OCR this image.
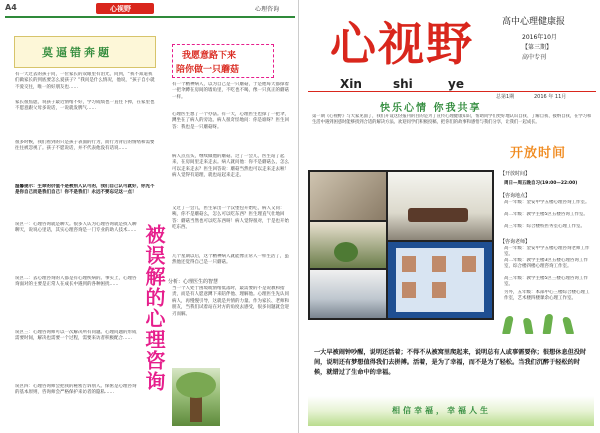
A4	心视野	心理咨询
莫逼错奔题
有一天过去的孩子问，一位家长的双眼里有泪光，问到，“我不知道我们做家长的到底要怎么爱孩子？”我问是什么情况，他说，“孩子自小就不爱交往，唯一的好朋友也……
家长很焦虑，说孩子最近情绪不好，学习成绩也一直往下掉，在家里也不愿意跟父母多说话，一说就发脾气……
很多时候，我们看到的只是孩子表面的行为，而行为背后的情绪和需要往往被忽视了。孩子不愿说话，并不代表他没有话说……
温馨提示：生命的价值不是被别人认可的，我们自己认可就好，你先不是你自己而是我们自己！你不是我们！永远不要忘记这一点！
被误解的心理咨询
误区一：心理咨询就是聊天。很多人认为心理咨询就是找人聊聊天，说说心里话，其实心理咨询是一门专业的助人技术……
误区二：去心理咨询的人都是有心理疾病的。事实上，心理咨询面对的主要是正常人在成长中遇到的各种困扰……
误区三：心理咨询师可以一次解决所有问题。心理问题的形成需要时间，解决也需要一个过程，需要来访者积极配合……
误区四：心理咨询师会把我的秘密告诉别人。保密是心理咨询的基本原则，咨询师会严格保护来访者的隐私……
我愿意路下来
陪你做一只蘑菇
有一个精神病人，以为自己是一只蘑菇，于是他每天都撑着一把伞蹲在房间的墙角里，不吃也不喝，像一只真正的蘑菇一样。
心理医生想了一个办法。有一天，心理医生也撑了一把伞，蹲坐在了病人的旁边。病人很奇怪地问：你是谁呀？医生回答：我也是一只蘑菇呀。
病人点点头，继续做他的蘑菇。过了一会儿，医生站了起来，在房间里走来走去。病人就问他：你不是蘑菇么，怎么可以走来走去？医生回答说：蘑菇当然也可以走来走去啦！病人觉得有道理，就也站起来走走。
又过了一会儿，医生拿出一个汉堡包开始吃，病人又问：咦，你不是蘑菇么，怎么可以吃东西？医生理直气壮地回答：蘑菇当然也可以吃东西呀！病人觉得很对，于是也开始吃东西。
几个星期以后，这个精神病人就能像正常人一样生活了，虽然他还觉得自己是一只蘑菇。
分析：心理医生的智慧
当一个人处于困境或情绪低落时，最需要的不是说教和指责，而是有人愿意蹲下来陪伴他、理解他。心理医生先认同病人，再慢慢引导，这就是共情的力量。作为家长、老师和朋友，当我们试着站在对方的角度去感受，很多问题就会迎刃而解。
心视野
Xin	shi	ye
高中心理健康报
2016年10月
【第三期】
高中专刊
总第1期	2016 年 11月
快乐心情 你我共享
第一期《心视野》与大家见面了，我们开设这份报刊的目的是为了宣传心理健康知识，帮助同学们更好地认识自我、了解自我、接纳自我，在学习和生活中遇到困惑时能够找到合适的解决方法。欢迎同学们积极投稿，把你们的故事和感悟与我们分享，让我们一起成长。
开放时间
【开放时间】
周日—周五晚自习(19:00—22:00)
【咨询地点】
高一年级：金安中学五楼心理咨询工作室。
高二年级：教学主楼5区五楼咨询工作室。
高三年级：综合楼校医务室心理工作室。
【咨询老师】
高一年级：金安中学五楼心理咨询老师工作室。
高二年级：教学主楼3区五楼心理咨询工作室，综合楼四楼心理咨询工作室。
高三年级：教学主楼5区三楼心理咨询工作室。
另外，五年级：本部中心三楼综合楼心理工作室，艺术楼四楼课余心理工作室。
一大早被闹钟吵醒，说明还活着；不得不从被窝里爬起来，说明总有人或事需要你；很想休息但没时间，说明还有梦想值得我们去拼搏。活着，是为了幸福，而不是为了轻松。当我们沉醉于轻松的时候，就错过了生命中的幸福。
相信幸福，幸福人生
